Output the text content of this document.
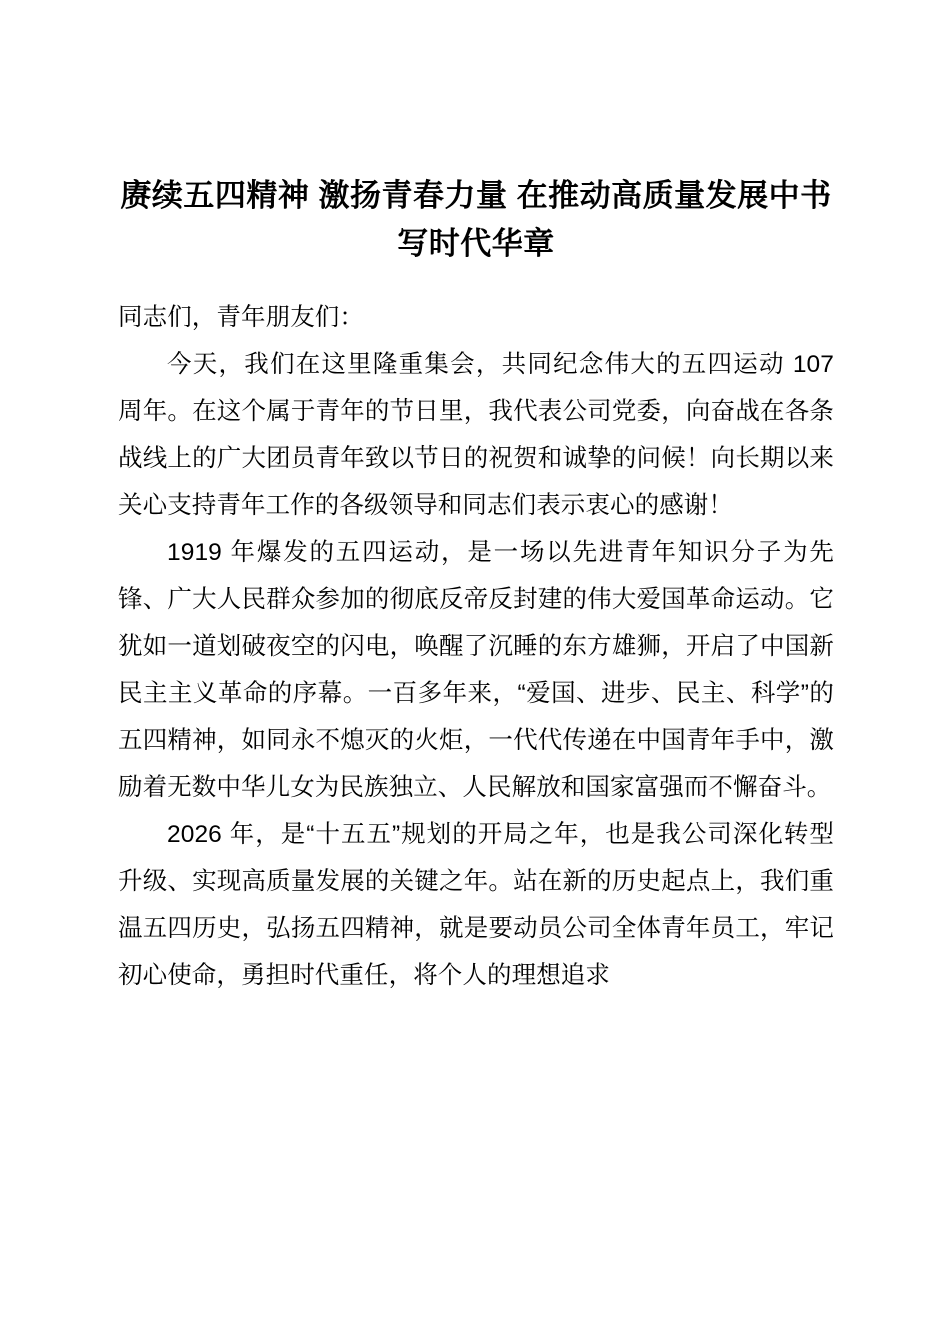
赓续五四精神 激扬青春力量 在推动高质量发展中书写时代华章

同志们，青年朋友们：

今天，我们在这里隆重集会，共同纪念伟大的五四运动 107 周年。在这个属于青年的节日里，我代表公司党委，向奋战在各条战线上的广大团员青年致以节日的祝贺和诚挚的问候！向长期以来关心支持青年工作的各级领导和同志们表示衷心的感谢！

1919 年爆发的五四运动，是一场以先进青年知识分子为先锋、广大人民群众参加的彻底反帝反封建的伟大爱国革命运动。它犹如一道划破夜空的闪电，唤醒了沉睡的东方雄狮，开启了中国新民主主义革命的序幕。一百多年来，“爱国、进步、民主、科学”的五四精神，如同永不熄灭的火炬，一代代传递在中国青年手中，激励着无数中华儿女为民族独立、人民解放和国家富强而不懈奋斗。

2026 年，是“十五五”规划的开局之年，也是我公司深化转型升级、实现高质量发展的关键之年。站在新的历史起点上，我们重温五四历史，弘扬五四精神，就是要动员公司全体青年员工，牢记初心使命，勇担时代重任，将个人的理想追求
